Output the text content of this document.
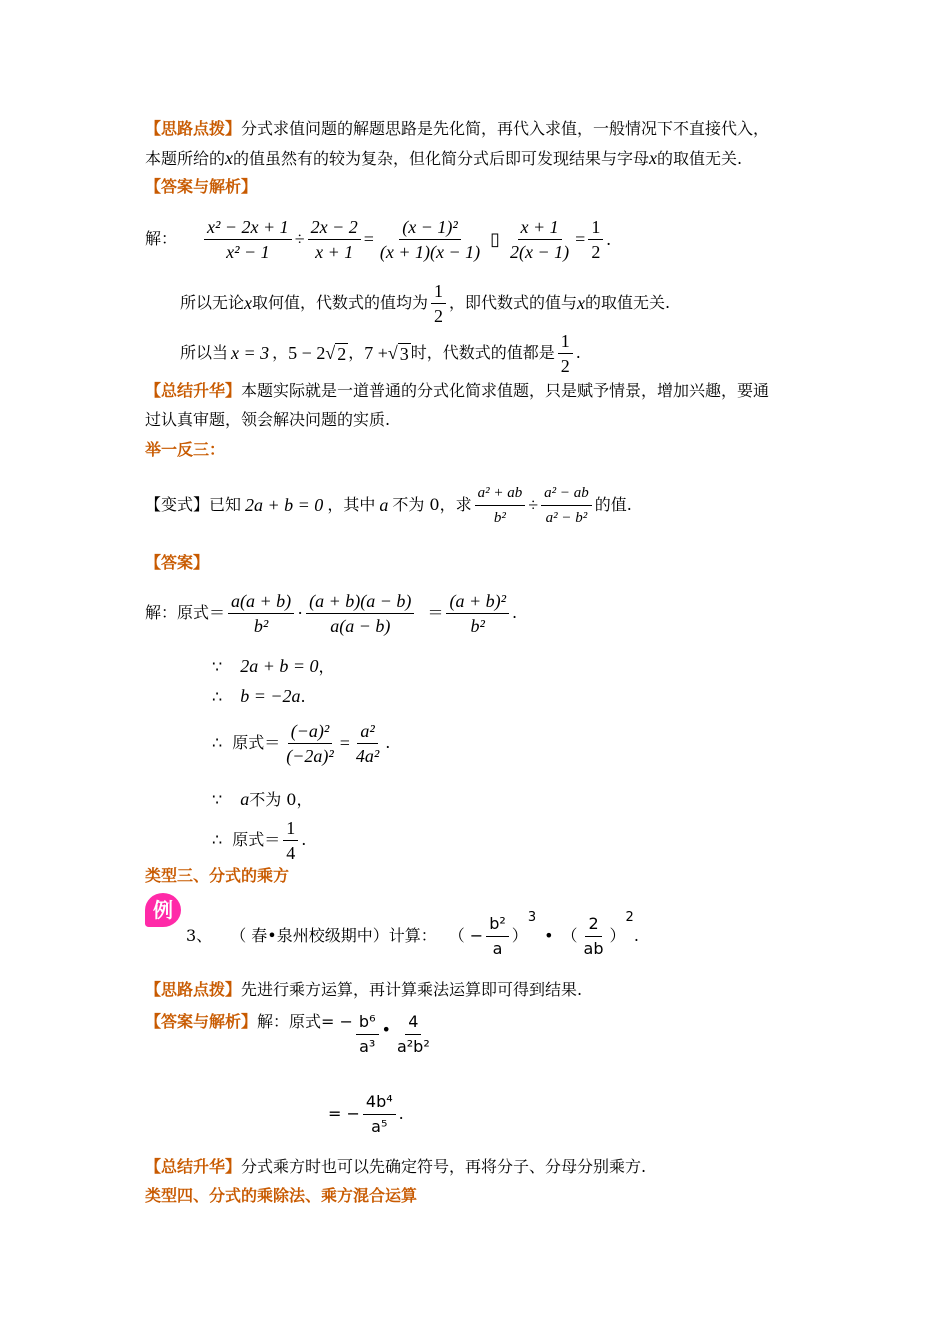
【思路点拨】分式求值问题的解题思路是先化简，再代入求值，一般情况下不直接代入，
本题所给的x的值虽然有的较为复杂，但化简分式后即可发现结果与字母x的取值无关.
【答案与解析】
解： $\frac{\text{x² − 2x + 1}}{\text{x² − 1}} \div \frac{2x - 2}{x + 1} = \frac{\text{(x − 1)²}}{(x + 1)(x - 1)}$ ▯ $\frac{x + 1}{2(x - 1)} = \frac{1}{2}$ .
所以无论 x 取何值，代数式的值均为 $\frac{1}{2}$ ，即代数式的值与 x 的取值无关.
所以当 x = 3 ， 5 − 2 √ 2 ， 7 + √ 3 时，代数式的值都是 $\frac{1}{2}$ .
【总结升华】本题实际就是一道普通的分式化简求值题，只是赋予情景，增加兴趣，要通
过认真审题，领会解决问题的实质.
举一反三：
【变式】已知 2a + b = 0 ，其中 a 不为 0，求 $\frac{\text{a² + ab}}{\text{b²}} \div \frac{\text{a² − ab}}{\text{a² − b²}}$ 的值.
【答案】
解：原式＝ $\frac{a(a + b)}{\text{b²}} \cdot \frac{(a + b)(a - b)}{a(a - b)} = \frac{\text{(a + b)²}}{\text{b²}}$ .
∵ 2a + b = 0，
∴ b = −2a.
∴ 原式＝ $\frac{\text{(−a)²}}{\text{(−2a)²}} = \frac{\text{a²}}{\text{4a²}}$ .
∵ a不为 0，
∴ 原式＝ $\frac{1}{4}$ .
类型三、分式的乘方
例
3、 （ 春•泉州校级期中）计算： （ − $\frac{\text{b²}}{a}$ ）
3
• （ $\frac{2}{ab}$ ）
2
.
【思路点拨】先进行乘方运算，再计算乘法运算即可得到结果.
【答案与解析】 解：原式= − $\frac{\text{b⁶}}{\text{a³}}$ • $\frac{4}{\text{a²b²}}$
= − $\frac{\text{4b⁴}}{\text{a⁵}}$ .
【总结升华】分式乘方时也可以先确定符号，再将分子、分母分别乘方.
类型四、分式的乘除法、乘方混合运算
